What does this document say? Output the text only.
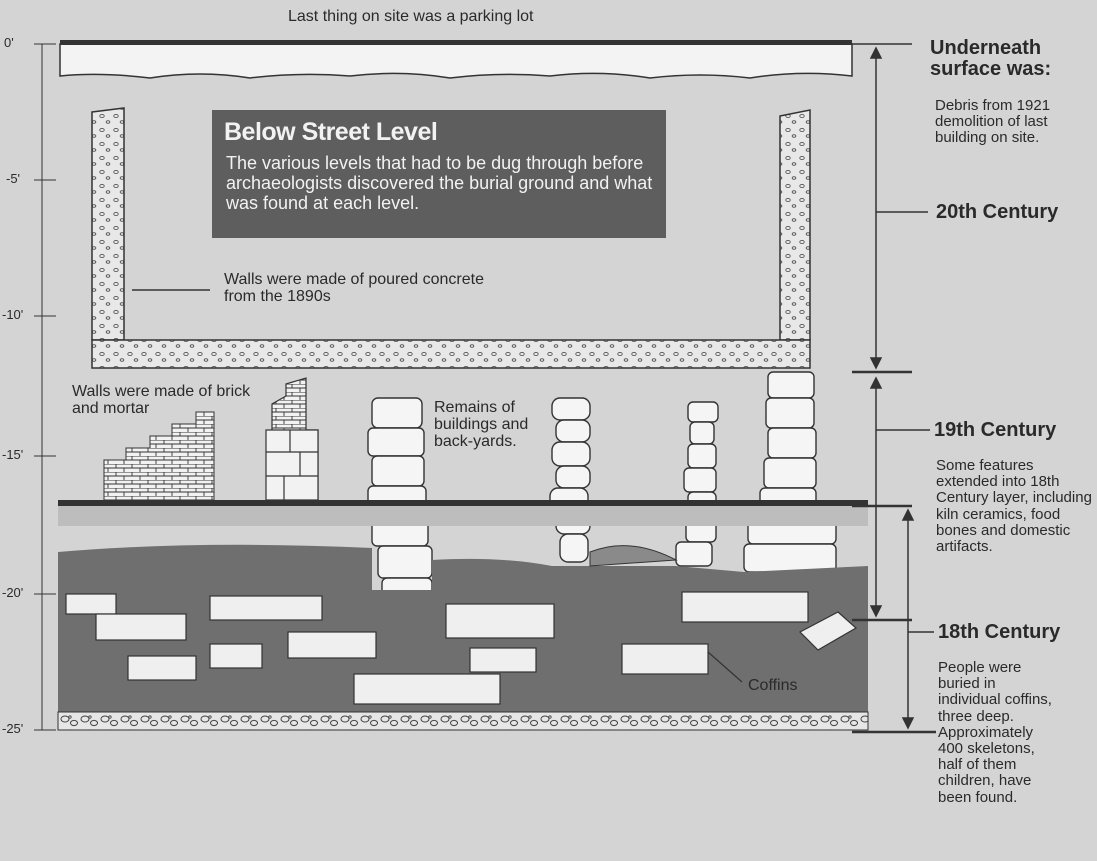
Last thing on site was a parking lot
0'
-5'
-10'
-15'
-20'
-25'
Below Street Level
The various levels that had to be dug through before archaeologists discovered the burial ground and what was found at each level.
Walls were made of poured concrete from the 1890s
Walls were made of brick and mortar	Remains of buildings and back-yards.
Coffins
Underneath surface was:
Debris from 1921 demolition of last building on site.
20th Century
19th Century
Some features extended into 18th Century layer, including kiln ceramics, food bones and domestic artifacts.
18th Century
People were buried in individual coffins, three deep. Approximately 400 skeletons, half of them children, have been found.
